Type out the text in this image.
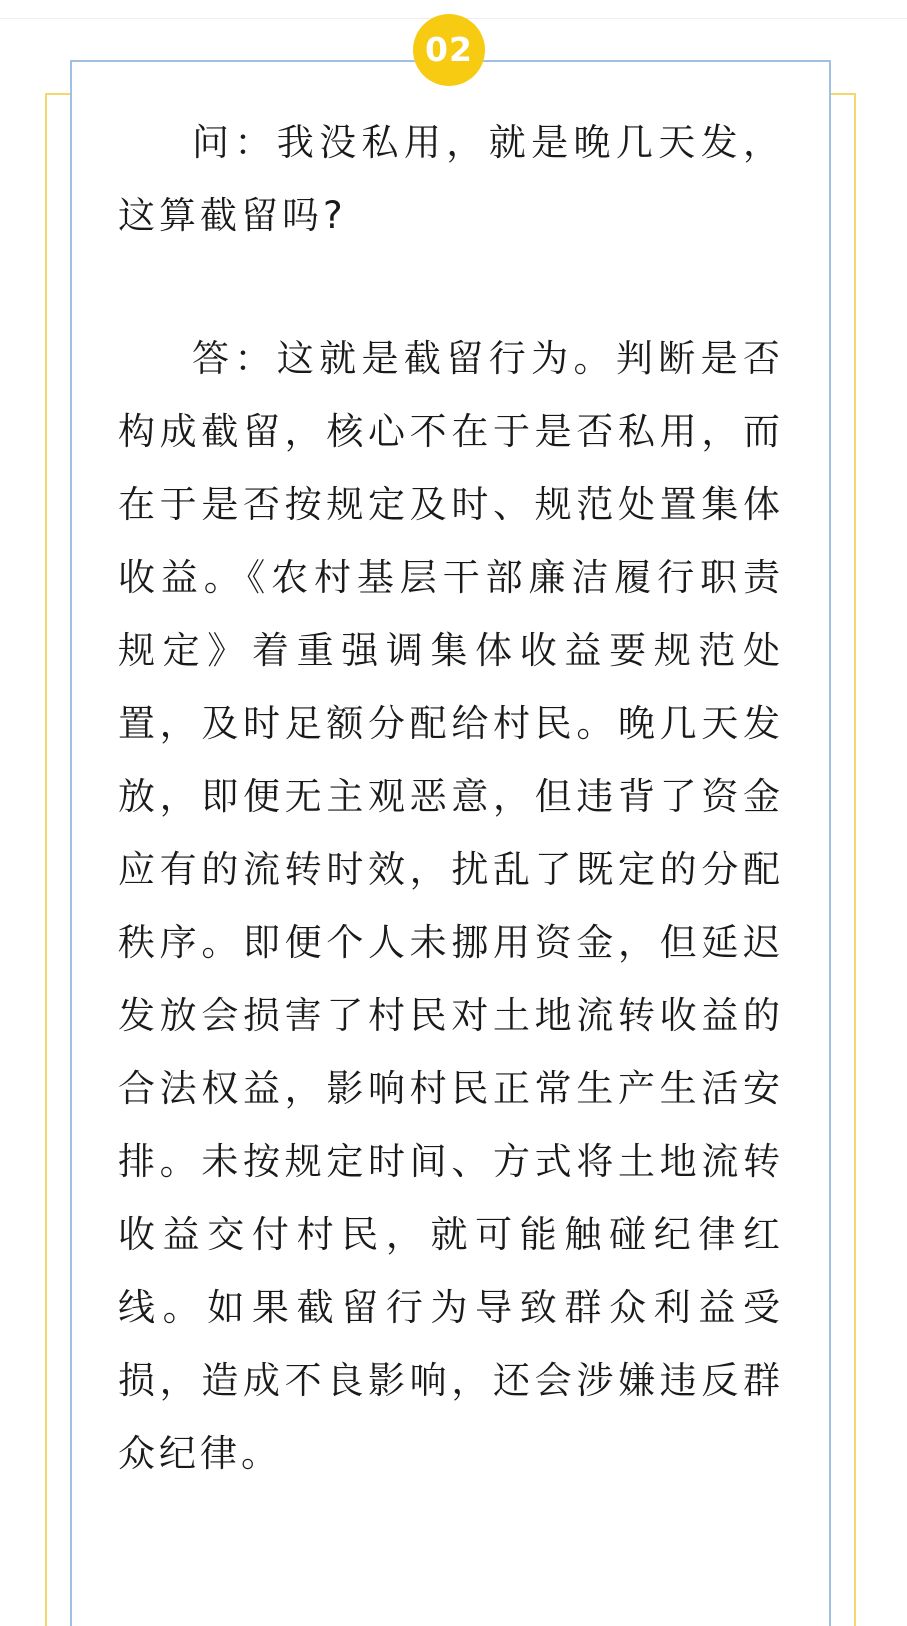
02

问：我没私用，就是晚几天发，这算截留吗?

答：这就是截留行为。判断是否构成截留，核心不在于是否私用，而在于是否按规定及时、规范处置集体收益。《农村基层干部廉洁履行职责规定》着重强调集体收益要规范处置，及时足额分配给村民。晚几天发放，即便无主观恶意，但违背了资金应有的流转时效，扰乱了既定的分配秩序。即便个人未挪用资金，但延迟发放会损害了村民对土地流转收益的合法权益，影响村民正常生产生活安排。未按规定时间、方式将土地流转收益交付村民，就可能触碰纪律红线。如果截留行为导致群众利益受损，造成不良影响，还会涉嫌违反群众纪律。
